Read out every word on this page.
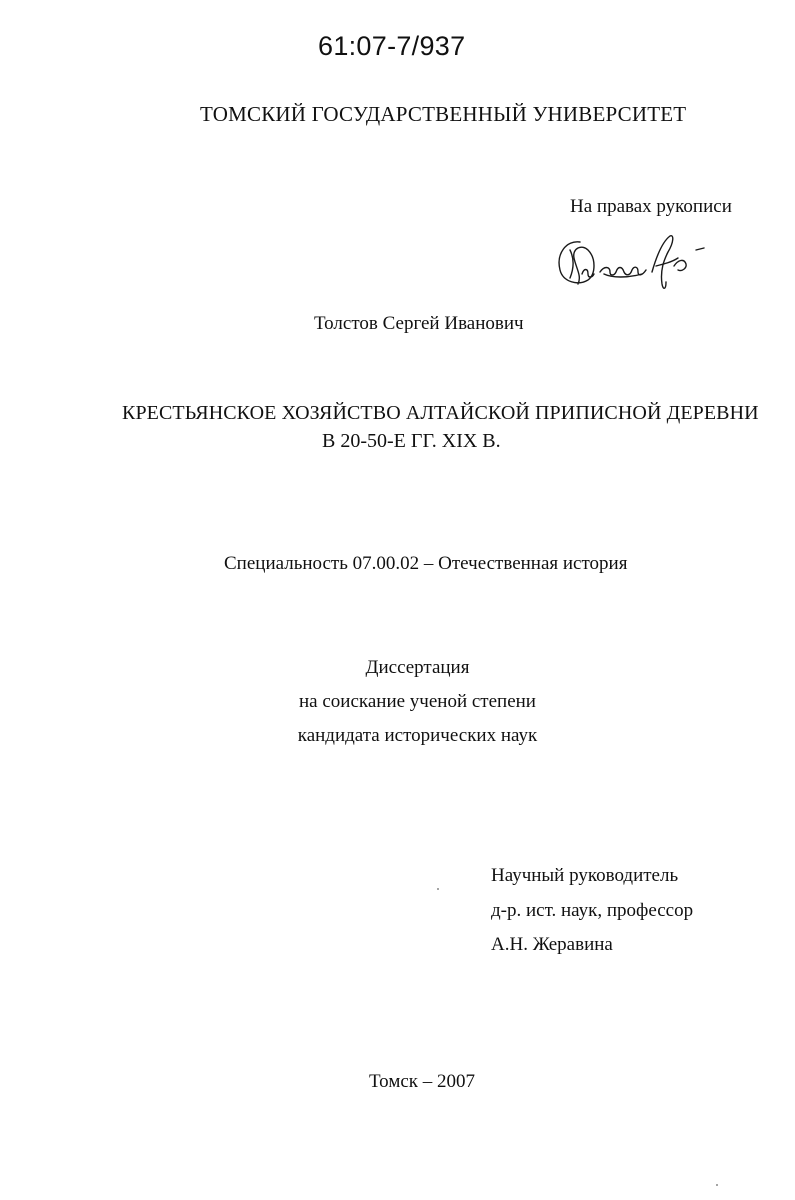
61:07-7/937
ТОМСКИЙ ГОСУДАРСТВЕННЫЙ УНИВЕРСИТЕТ
На правах рукописи
Толстов Сергей Иванович
КРЕСТЬЯНСКОЕ ХОЗЯЙСТВО АЛТАЙСКОЙ ПРИПИСНОЙ ДЕРЕВНИ
В 20-50-Е ГГ. XIX В.
Специальность 07.00.02 – Отечественная история
Диссертация
на соискание ученой степени
кандидата исторических наук
Научный руководитель
д-р. ист. наук, профессор
А.Н. Жеравина
Томск – 2007
